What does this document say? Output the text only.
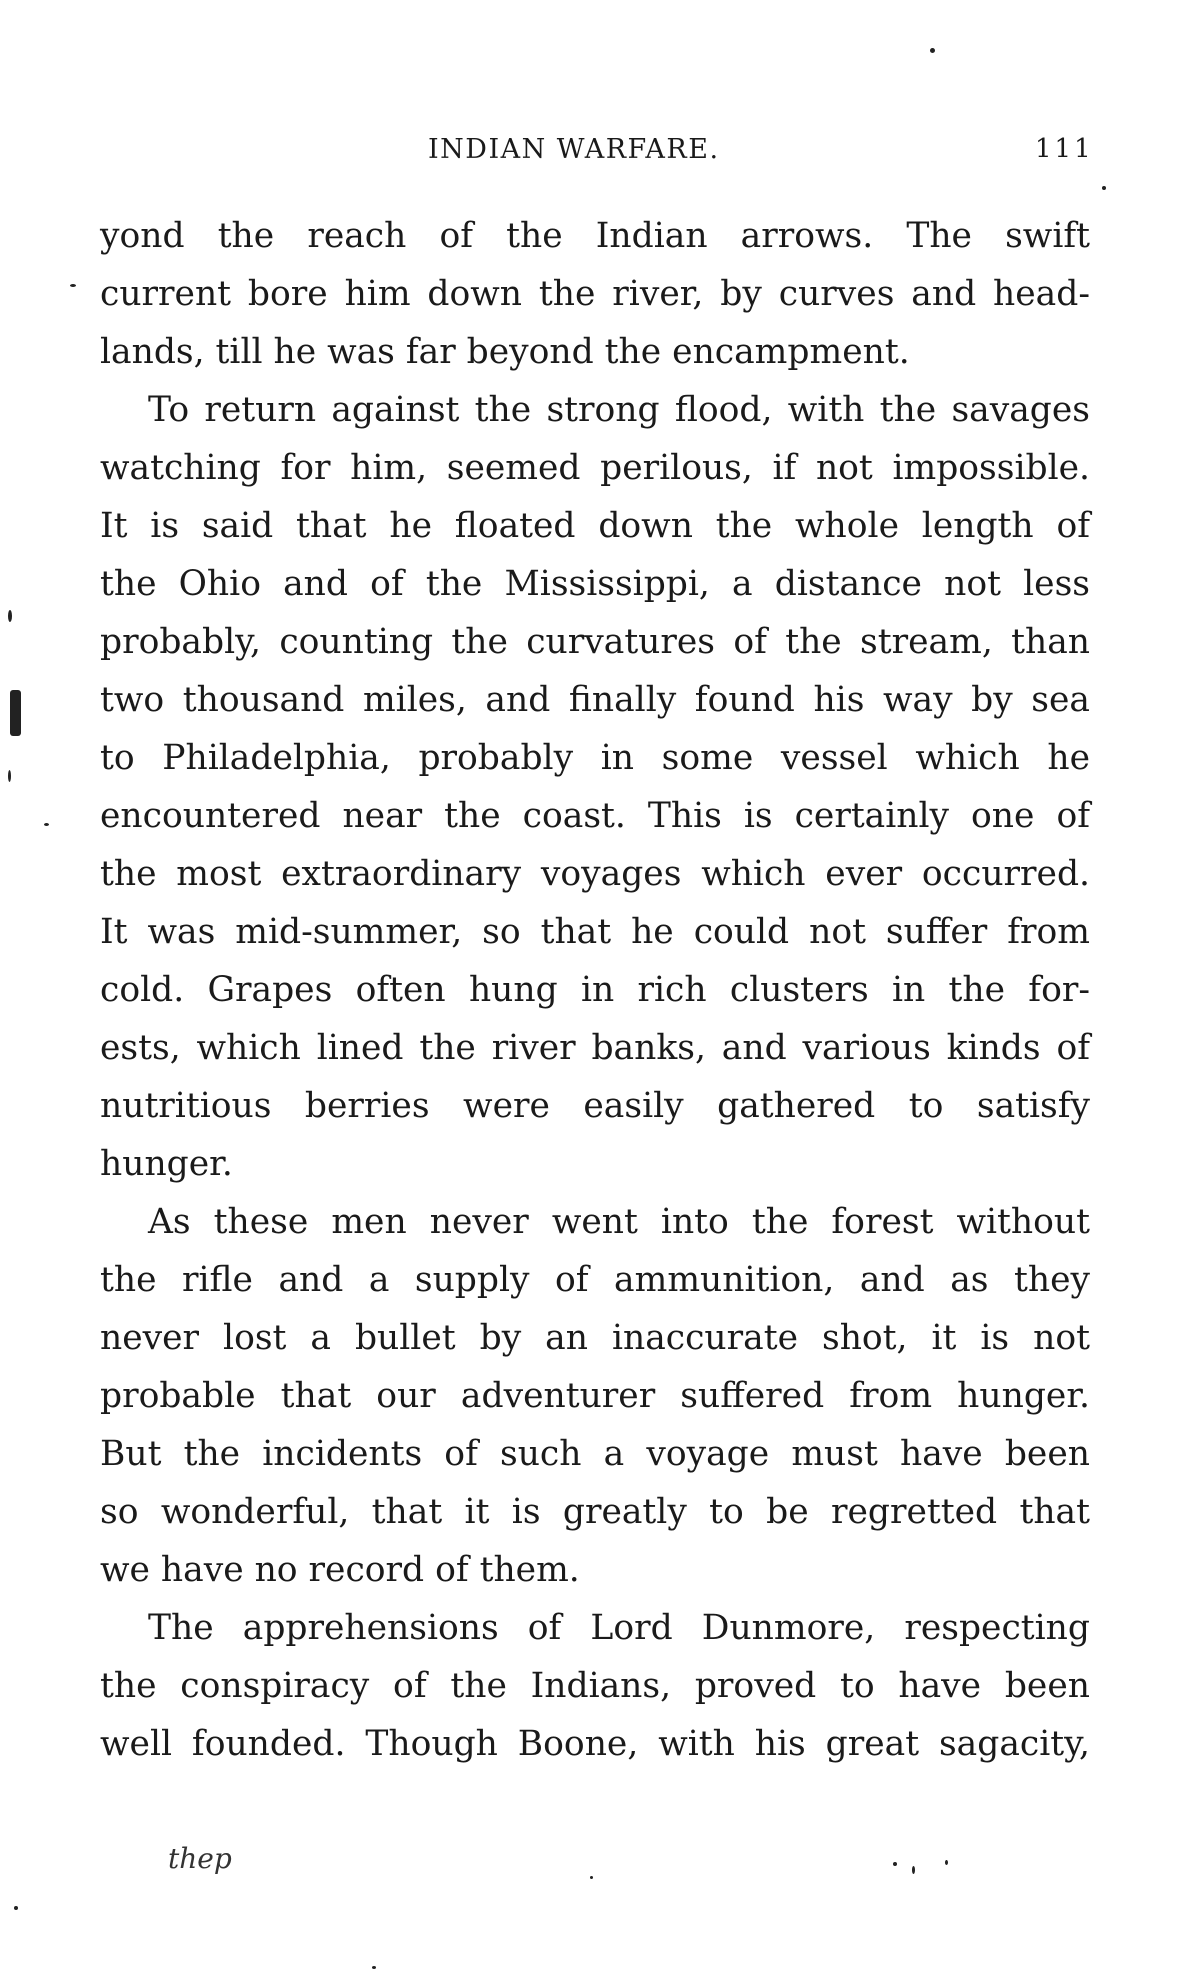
INDIAN WARFARE.	111

yond the reach of the Indian arrows. The swift

current bore him down the river, by curves and head-

lands, till he was far beyond the encampment.

To return against the strong flood, with the savages

watching for him, seemed perilous, if not impossible.

It is said that he floated down the whole length of

the Ohio and of the Mississippi, a distance not less

probably, counting the curvatures of the stream, than

two thousand miles, and finally found his way by sea

to Philadelphia, probably in some vessel which he

encountered near the coast. This is certainly one of

the most extraordinary voyages which ever occurred.

It was mid-summer, so that he could not suffer from

cold. Grapes often hung in rich clusters in the for-

ests, which lined the river banks, and various kinds of

nutritious berries were easily gathered to satisfy

hunger.

As these men never went into the forest without

the rifle and a supply of ammunition, and as they

never lost a bullet by an inaccurate shot, it is not

probable that our adventurer suffered from hunger.

But the incidents of such a voyage must have been

so wonderful, that it is greatly to be regretted that

we have no record of them.

The apprehensions of Lord Dunmore, respecting

the conspiracy of the Indians, proved to have been

well founded. Though Boone, with his great sagacity,

thep
